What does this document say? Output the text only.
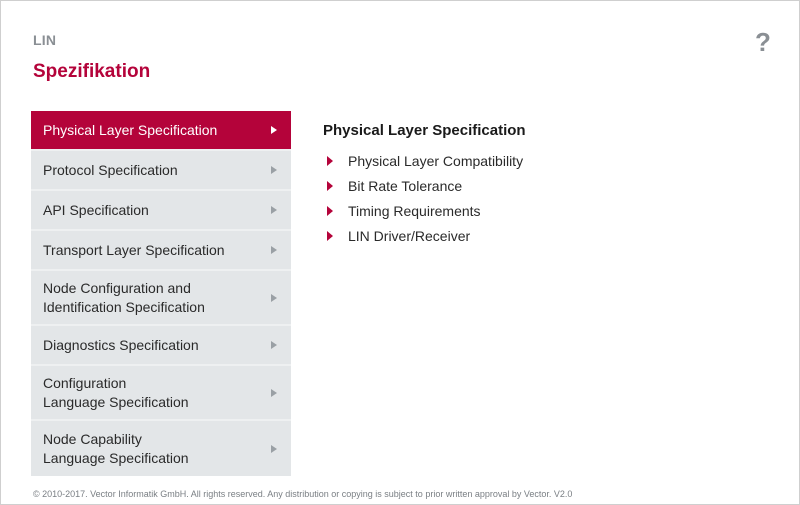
LIN
Spezifikation
?
Physical Layer Specification
Protocol Specification
API Specification
Transport Layer Specification
Node Configuration and
Identification Specification
Diagnostics Specification
Configuration
Language Specification
Node Capability
Language Specification
Physical Layer Specification
Physical Layer Compatibility
Bit Rate Tolerance
Timing Requirements
LIN Driver/Receiver
© 2010-2017. Vector Informatik GmbH. All rights reserved. Any distribution or copying is subject to prior written approval by Vector. V2.0
